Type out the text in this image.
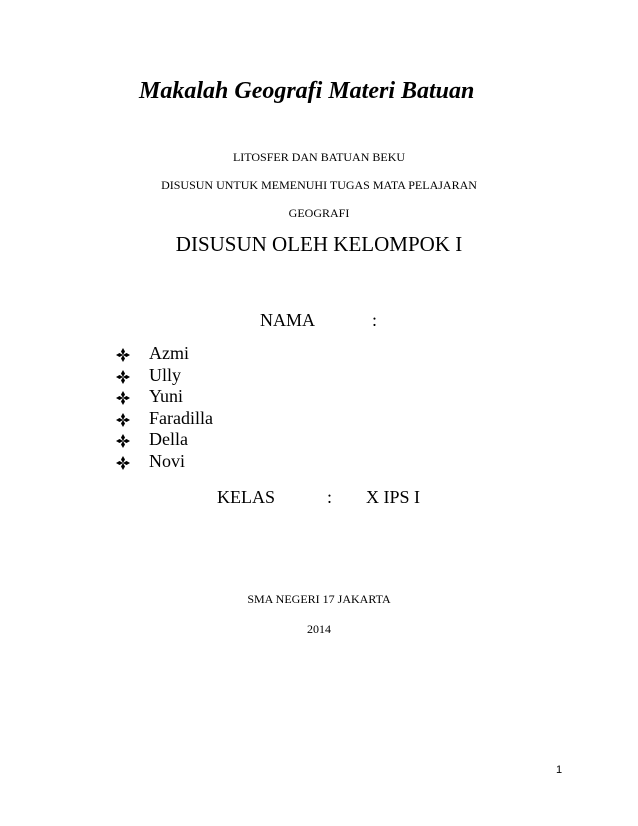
Makalah Geografi Materi Batuan
LITOSFER DAN BATUAN BEKU
DISUSUN UNTUK MEMENUHI TUGAS MATA PELAJARAN
GEOGRAFI
DISUSUN OLEH KELOMPOK I
NAMA	:
Azmi
Ully
Yuni
Faradilla
Della
Novi
KELAS	: X IPS I
SMA NEGERI 17 JAKARTA
2014
1
